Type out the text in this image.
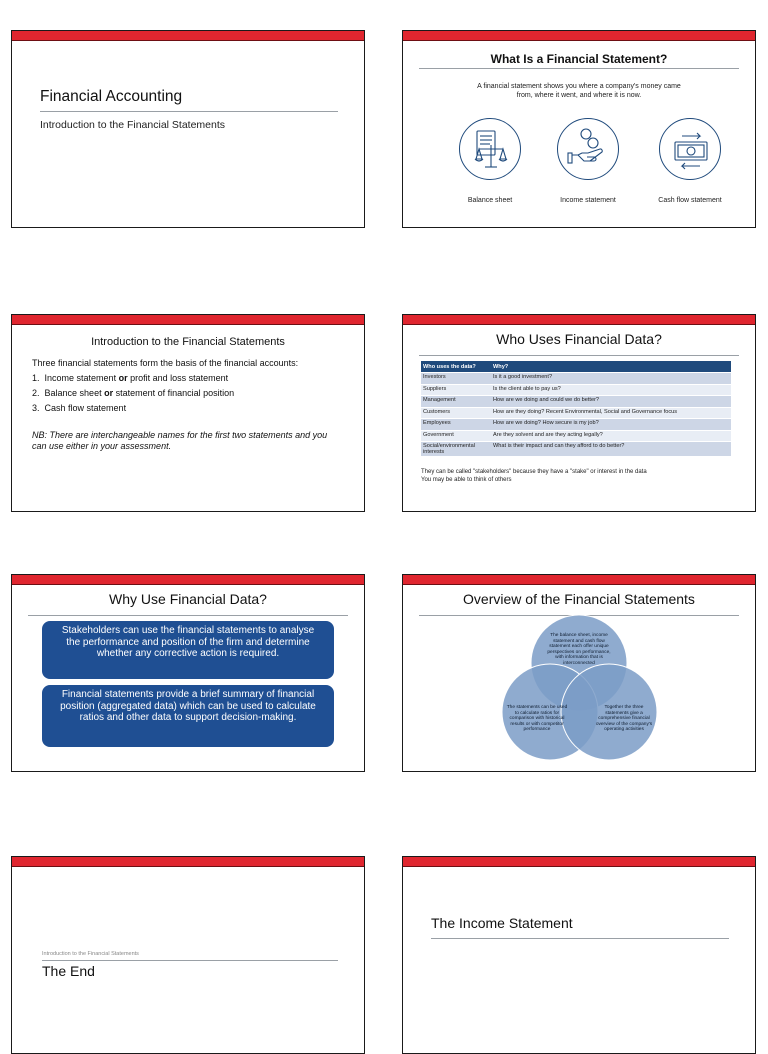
Financial Accounting
Introduction to the Financial Statements
What Is a Financial Statement?
A financial statement shows you where a company's money came from, where it went, and where it is now.
Balance sheet	Income statement	Cash flow statement
Introduction to the Financial Statements
Three financial statements form the basis of the financial accounts:
1. Income statement or profit and loss statement
2. Balance sheet or statement of financial position
3. Cash flow statement
NB: There are interchangeable names for the first two statements and you can use either in your assessment.
Who Uses Financial Data?
Who uses the data?	Why?
Investors	Is it a good investment?
Suppliers	Is the client able to pay us?
Management	How are we doing and could we do better?
Customers	How are they doing? Recent Environmental, Social and Governance focus
Employees	How are we doing? How secure is my job?
Government	Are they solvent and are they acting legally?
Social/environmental interests	What is their impact and can they afford to do better?
They can be called "stakeholders" because they have a "stake" or interest in the data
You may be able to think of others
Why Use Financial Data?
Stakeholders can use the financial statements to analyse the performance and position of the firm and determine whether any corrective action is required.
Financial statements provide a brief summary of financial position (aggregated data) which can be used to calculate ratios and other data to support decision-making.
Overview of the Financial Statements
The balance sheet, income statement and cash flow statement each offer unique perspectives on performance, with information that is interconnected
The statements can be used to calculate ratios for comparison with historical results or with competitor performance
Together the three statements give a comprehensive financial overview of the company's operating activities
Introduction to the Financial Statements
The End
The Income Statement
